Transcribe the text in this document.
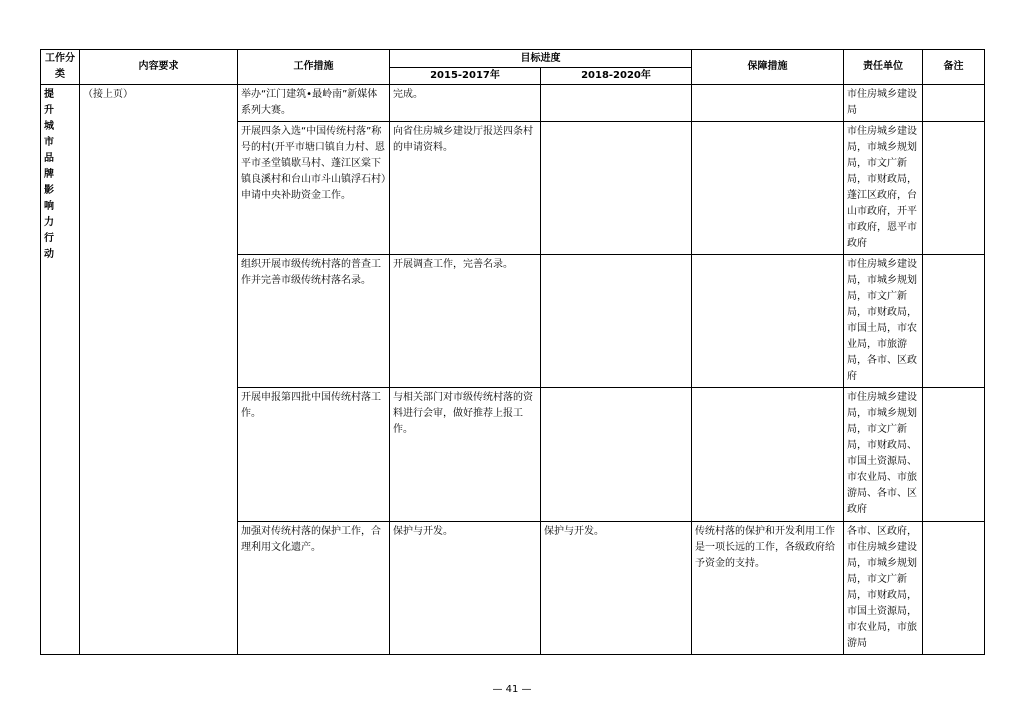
工作分类	内容要求	工作措施	目标进度		保障措施	责任单位	备注
			2015-2017年	2018-2020年			
提升城市品牌影响力行动	（接上页）	举办“江门建筑•最岭南”新媒体系列大赛。	完成。			市住房城乡建设局	
		开展四条入选“中国传统村落”称号的村(开平市塘口镇自力村、恩平市圣堂镇歇马村、蓬江区棠下镇良溪村和台山市斗山镇浮石村）申请中央补助资金工作。	向省住房城乡建设厅报送四条村的申请资料。			市住房城乡建设局，市城乡规划局，市文广新局，市财政局，蓬江区政府，台山市政府，开平市政府，恩平市政府	
		组织开展市级传统村落的普查工作并完善市级传统村落名录。	开展调查工作，完善名录。			市住房城乡建设局，市城乡规划局，市文广新局，市财政局，市国土局，市农业局，市旅游局，各市、区政府	
		开展申报第四批中国传统村落工作。	与相关部门对市级传统村落的资料进行会审，做好推荐上报工作。			市住房城乡建设局，市城乡规划局，市文广新局，市财政局、市国土资源局、市农业局、市旅游局、各市、区政府	
		加强对传统村落的保护工作，合理利用文化遗产。	保护与开发。	保护与开发。	传统村落的保护和开发利用工作是一项长远的工作，各级政府给予资金的支持。	各市、区政府，市住房城乡建设局，市城乡规划局，市文广新局，市财政局，市国土资源局，市农业局，市旅游局	
— 41 —
